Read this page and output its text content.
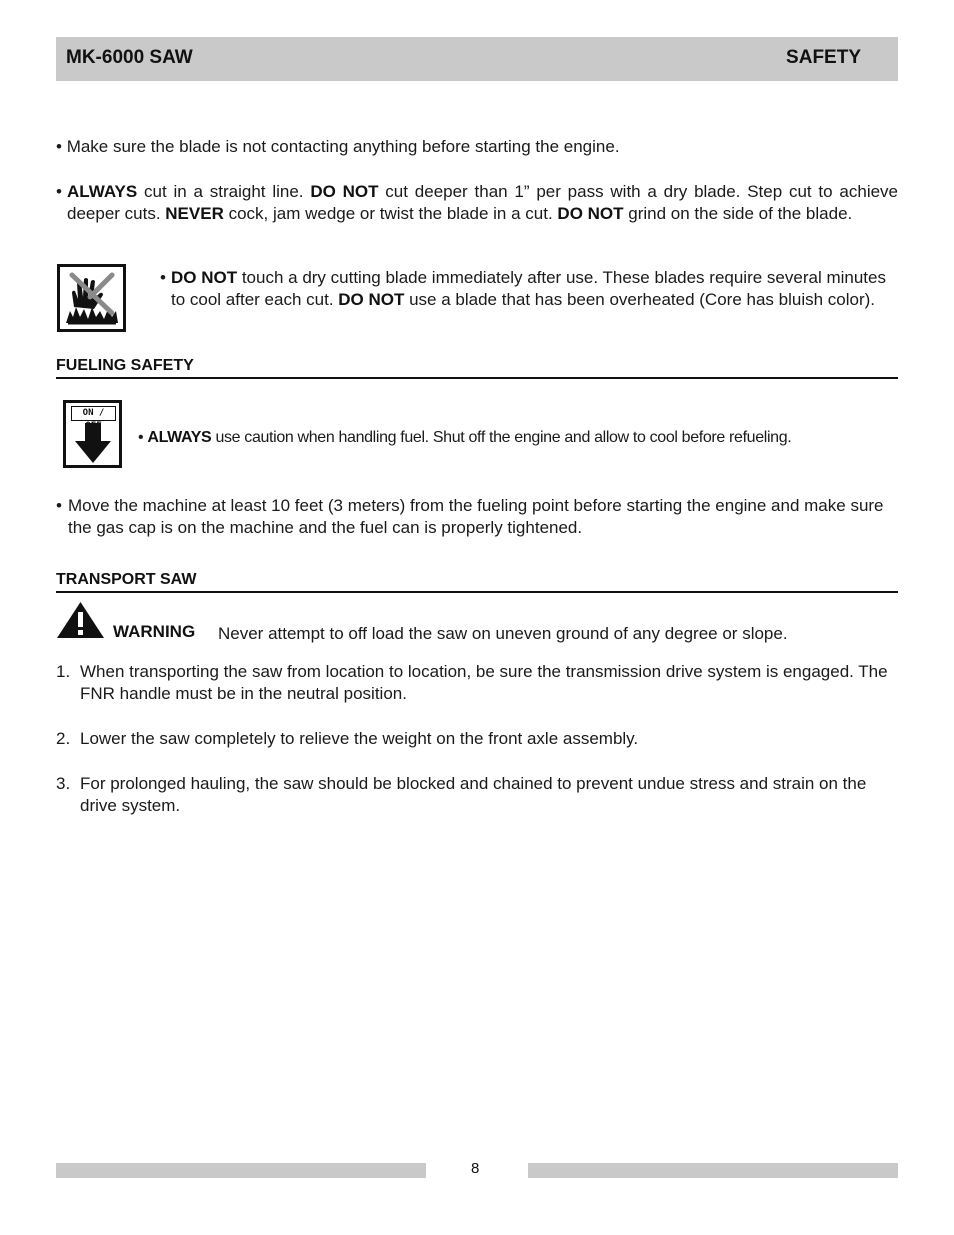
MK-6000 SAW	SAFETY
• Make sure the blade is not contacting anything before starting the engine.
• ALWAYS cut in a straight line. DO NOT cut deeper than 1” per pass with a dry blade. Step cut to achieve deeper cuts. NEVER cock, jam wedge or twist the blade in a cut. DO NOT grind on the side of the blade.
• DO NOT touch a dry cutting blade immediately after use. These blades require several minutes to cool after each cut. DO NOT use a blade that has been overheated (Core has bluish color).
FUELING SAFETY
ON /
• ALWAYS use caution when handling fuel. Shut off the engine and allow to cool before refueling.
• Move the machine at least 10 feet (3 meters) from the fueling point before starting the engine and make sure the gas cap is on the machine and the fuel can is properly tightened.
TRANSPORT SAW
WARNING Never attempt to off load the saw on uneven ground of any degree or slope.
1. When transporting the saw from location to location, be sure the transmission drive system is engaged. The FNR handle must be in the neutral position.
2. Lower the saw completely to relieve the weight on the front axle assembly.
3. For prolonged hauling, the saw should be blocked and chained to prevent undue stress and strain on the drive system.
8
